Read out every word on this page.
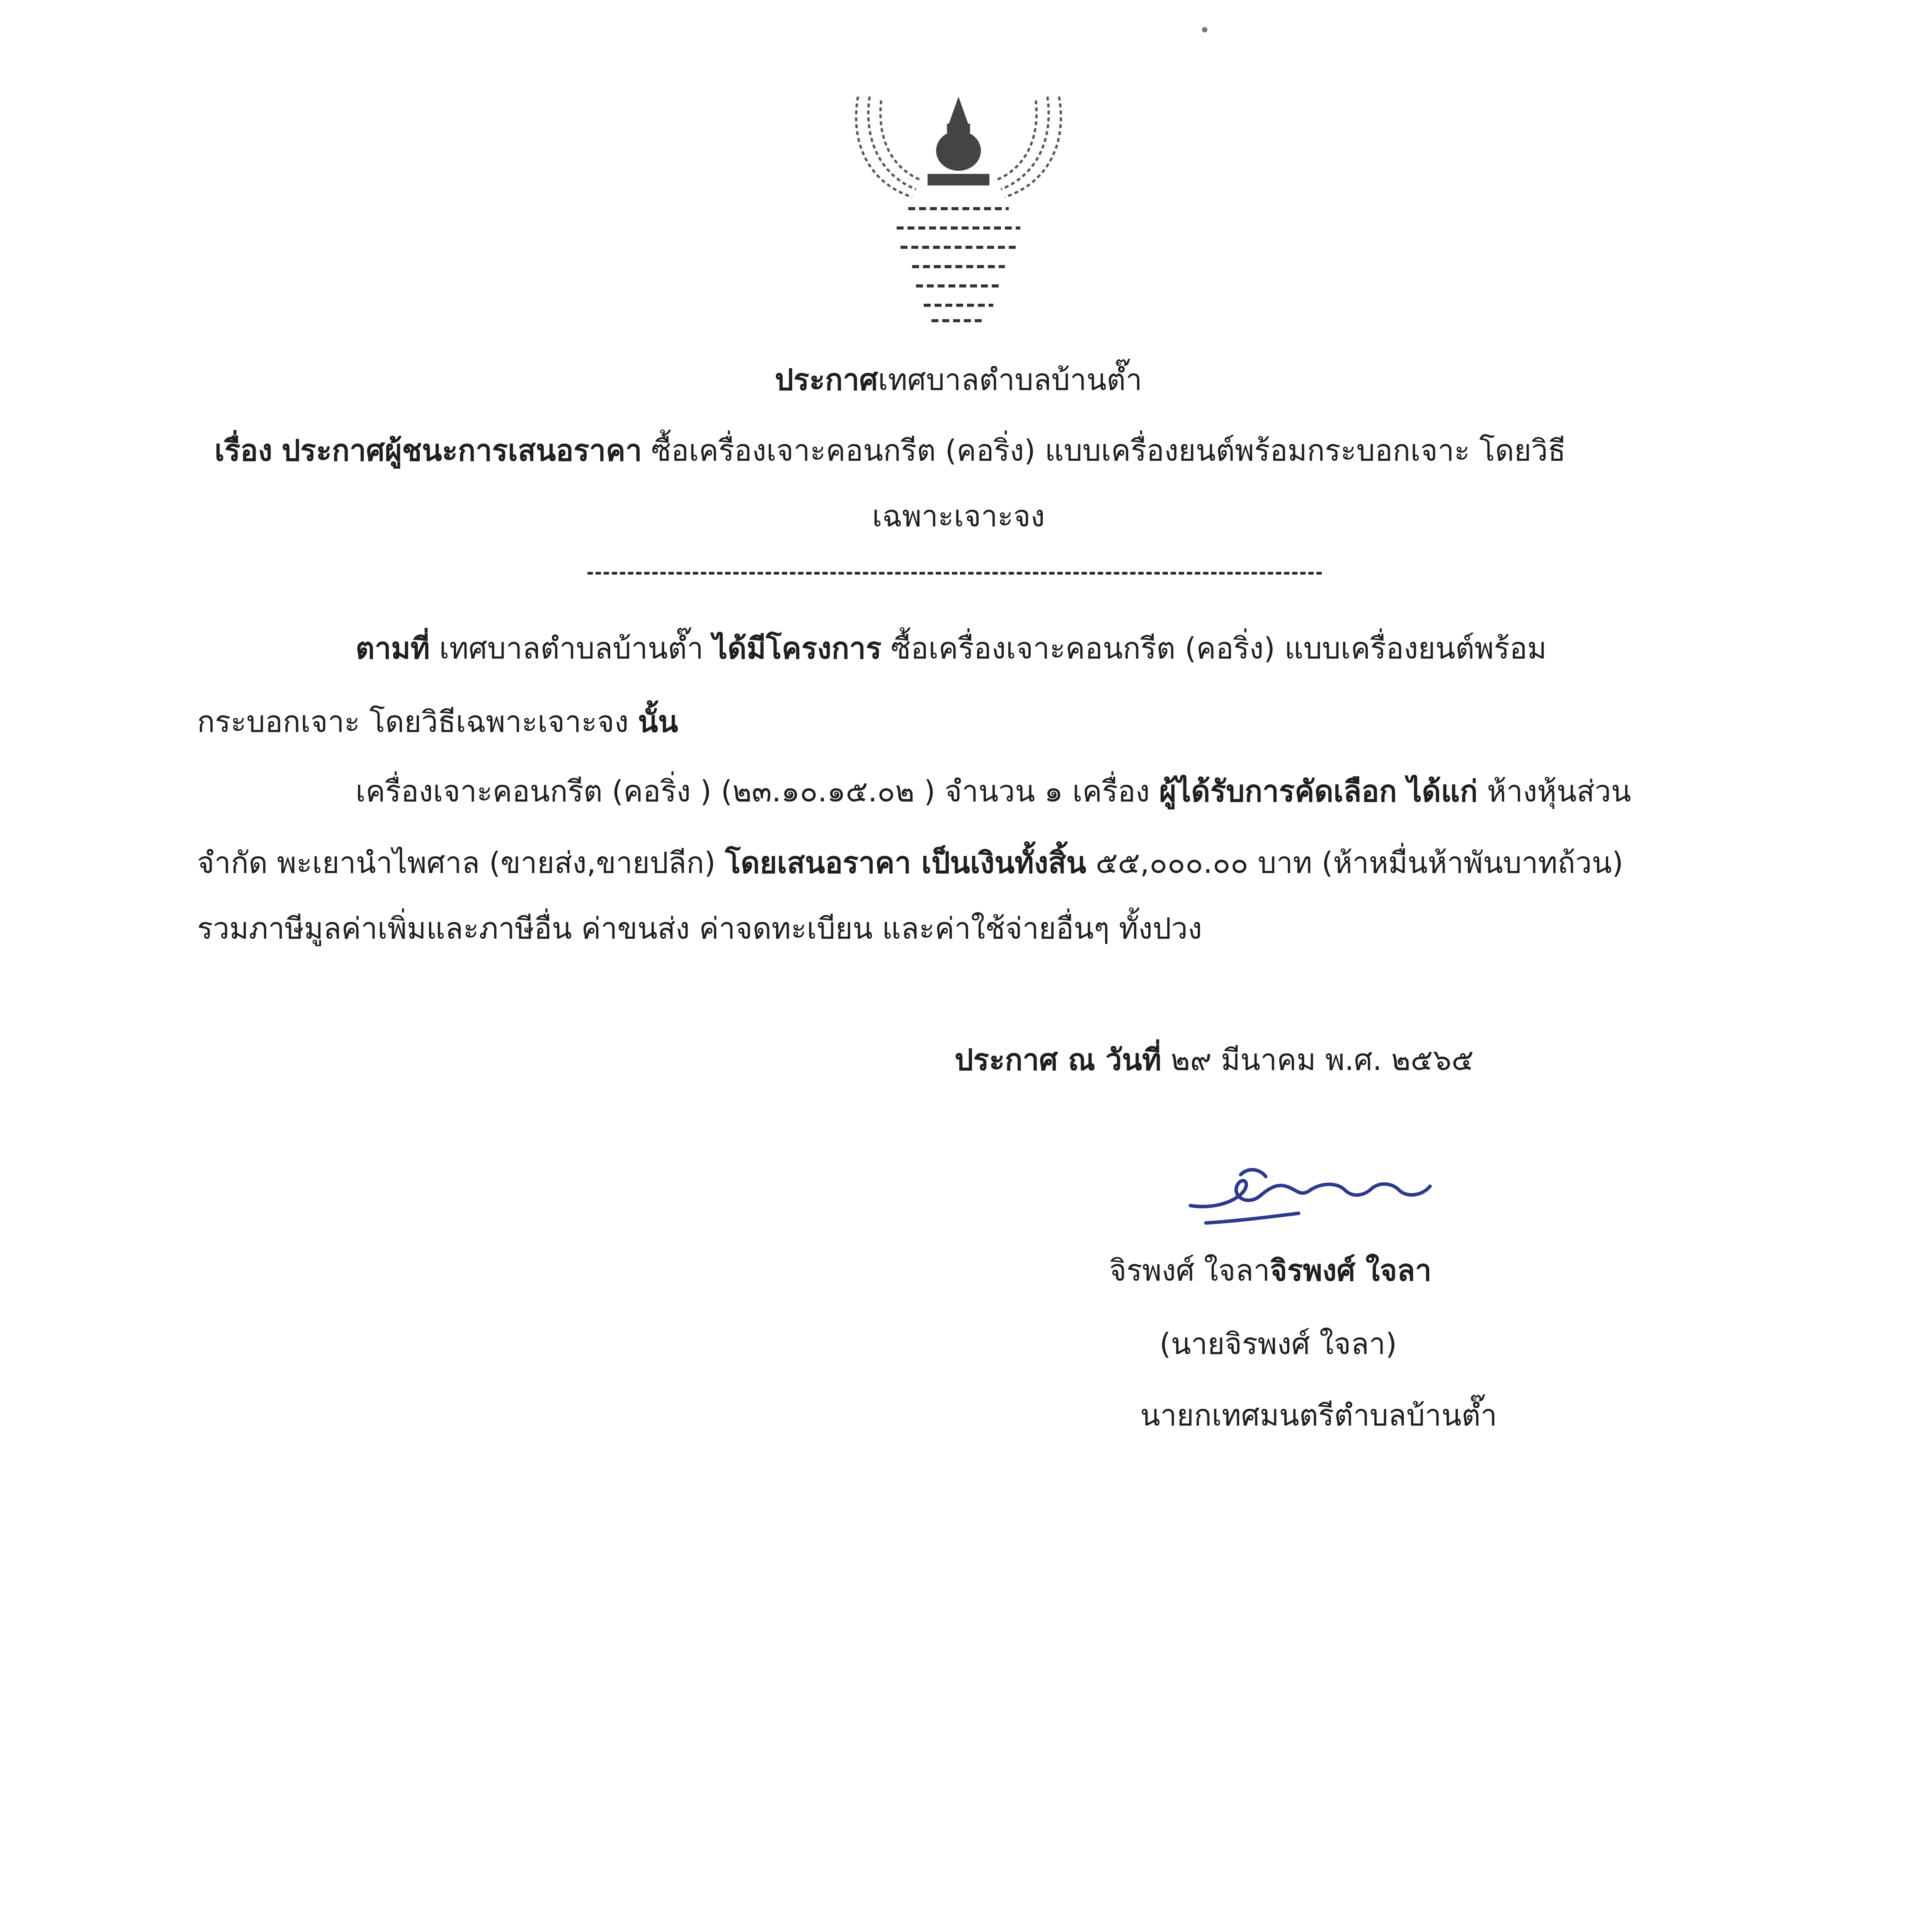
ประกาศเทศบาลตำบลบ้านต๊ำ
เรื่อง ประกาศผู้ชนะการเสนอราคา ซื้อเครื่องเจาะคอนกรีต (คอริ่ง) แบบเครื่องยนต์พร้อมกระบอกเจาะ โดยวิธี
เฉพาะเจาะจง
ตามที่ เทศบาลตำบลบ้านต๊ำ ได้มีโครงการ ซื้อเครื่องเจาะคอนกรีต (คอริ่ง) แบบเครื่องยนต์พร้อม
กระบอกเจาะ โดยวิธีเฉพาะเจาะจง นั้น
เครื่องเจาะคอนกรีต (คอริ่ง ) (๒๓.๑๐.๑๕.๐๒ ) จำนวน ๑ เครื่อง ผู้ได้รับการคัดเลือก ได้แก่ ห้างหุ้นส่วน
จำกัด พะเยานำไพศาล (ขายส่ง,ขายปลีก) โดยเสนอราคา เป็นเงินทั้งสิ้น ๕๕,๐๐๐.๐๐ บาท (ห้าหมื่นห้าพันบาทถ้วน)
รวมภาษีมูลค่าเพิ่มและภาษีอื่น ค่าขนส่ง ค่าจดทะเบียน และค่าใช้จ่ายอื่นๆ ทั้งปวง
ประกาศ ณ วันที่ ๒๙ มีนาคม พ.ศ. ๒๕๖๕
จิรพงศ์ ใจลาจิรพงศ์ ใจลา
(นายจิรพงศ์ ใจลา)
นายกเทศมนตรีตำบลบ้านต๊ำ
